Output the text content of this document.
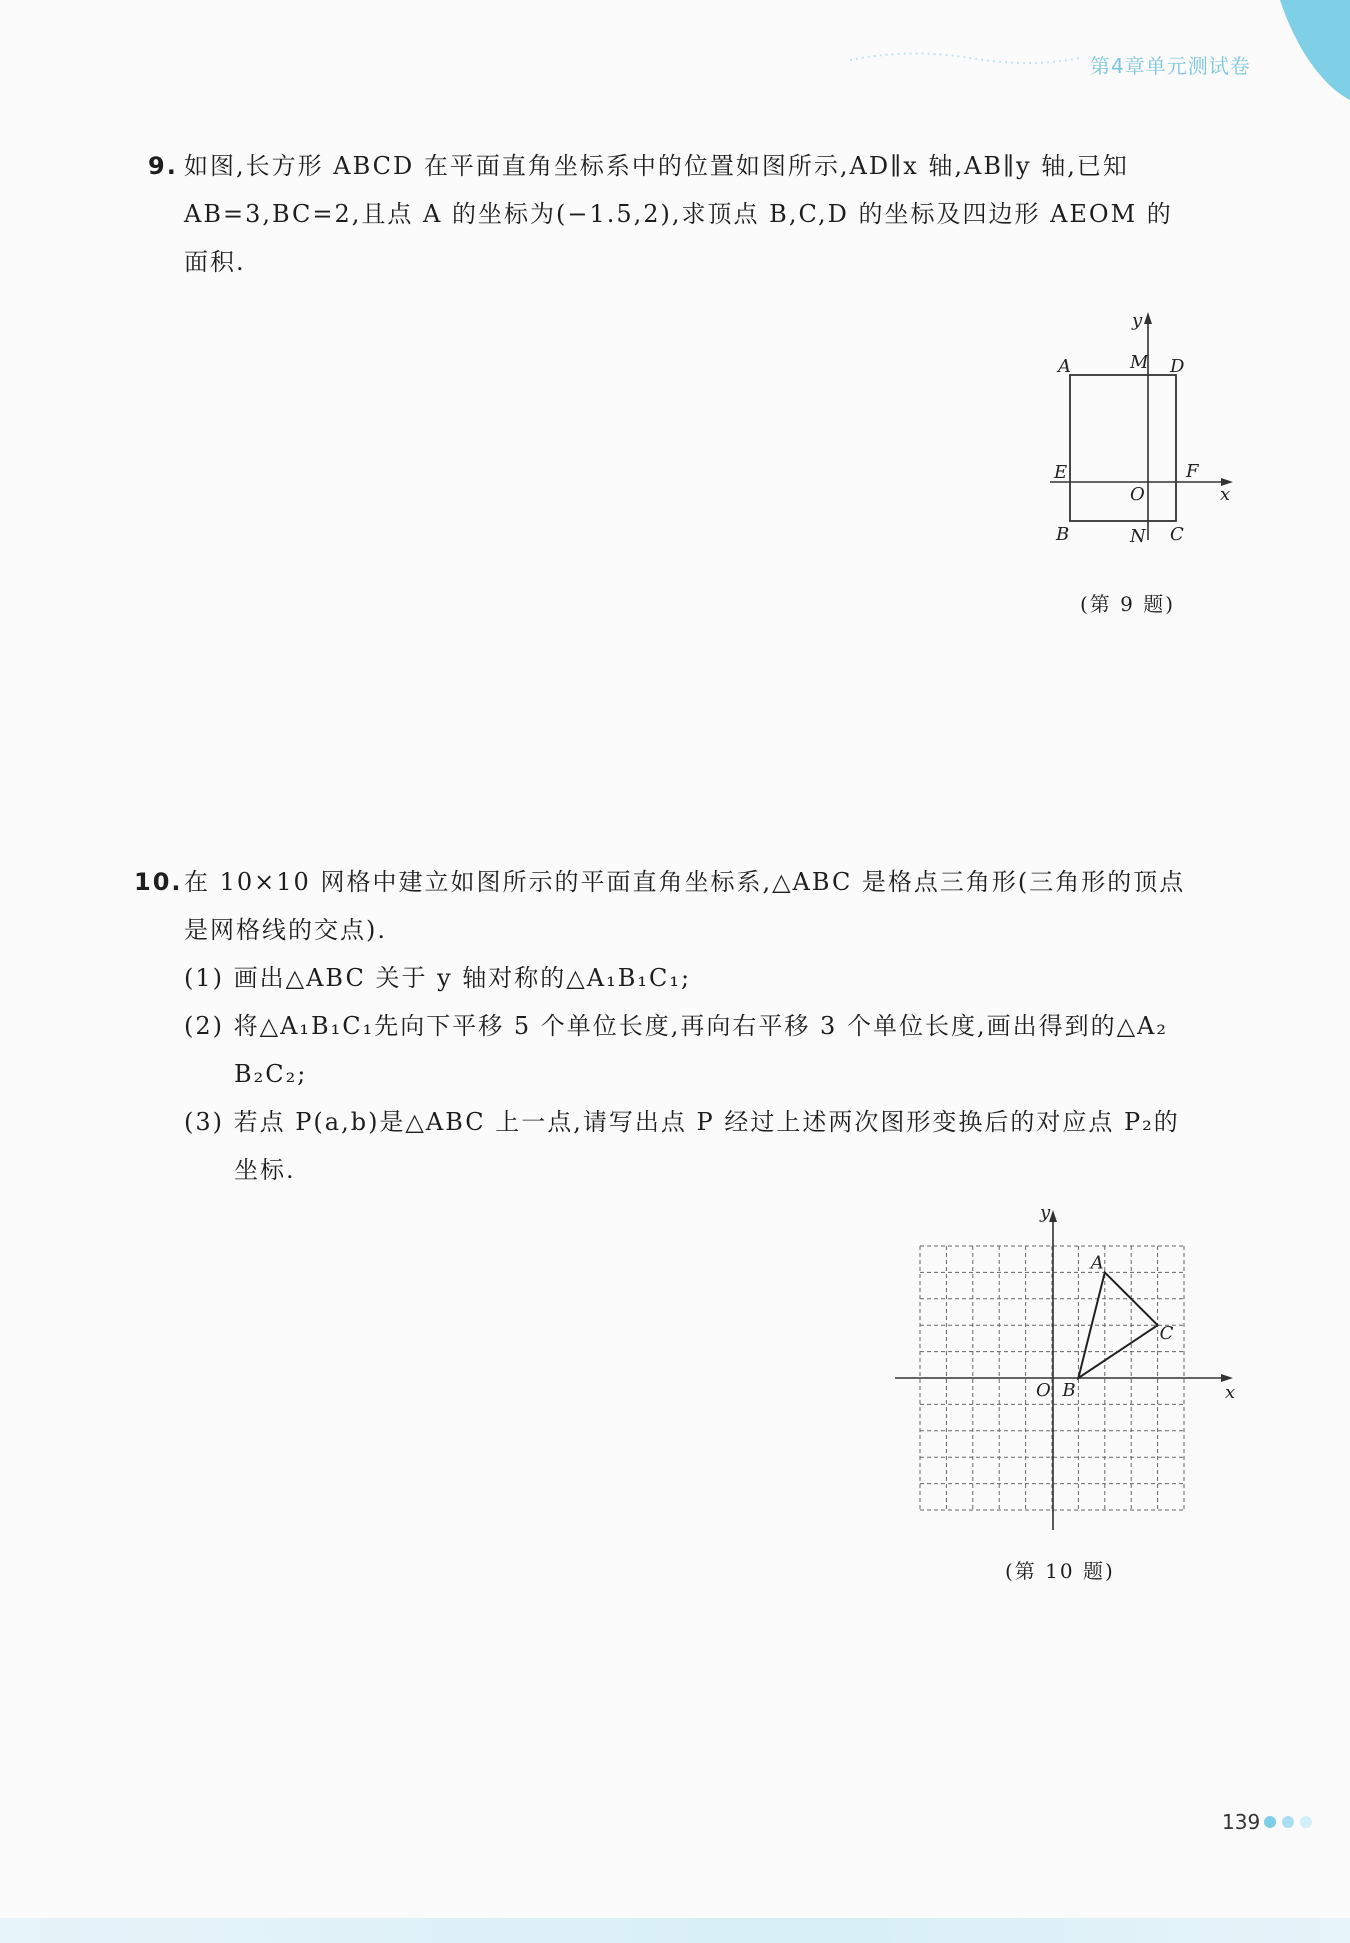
第4章单元测试卷
9. 如图,长方形 ABCD 在平面直角坐标系中的位置如图所示,AD∥x 轴,AB∥y 轴,已知
AB=3,BC=2,且点 A 的坐标为(−1.5,2),求顶点 B,C,D 的坐标及四边形 AEOM 的
面积.
A	M D
E	F
O	x
y
B	N C
(第 9 题)
10. 在 10×10 网格中建立如图所示的平面直角坐标系,△ABC 是格点三角形(三角形的顶点
是网格线的交点).
(1) 画出△ABC 关于 y 轴对称的△A₁B₁C₁;
(2) 将△A₁B₁C₁先向下平移 5 个单位长度,再向右平移 3 个单位长度,画出得到的△A₂
B₂C₂;
(3) 若点 P(a,b)是△ABC 上一点,请写出点 P 经过上述两次图形变换后的对应点 P₂的
坐标.
y
x
O
A
B
C
(第 10 题)
139
